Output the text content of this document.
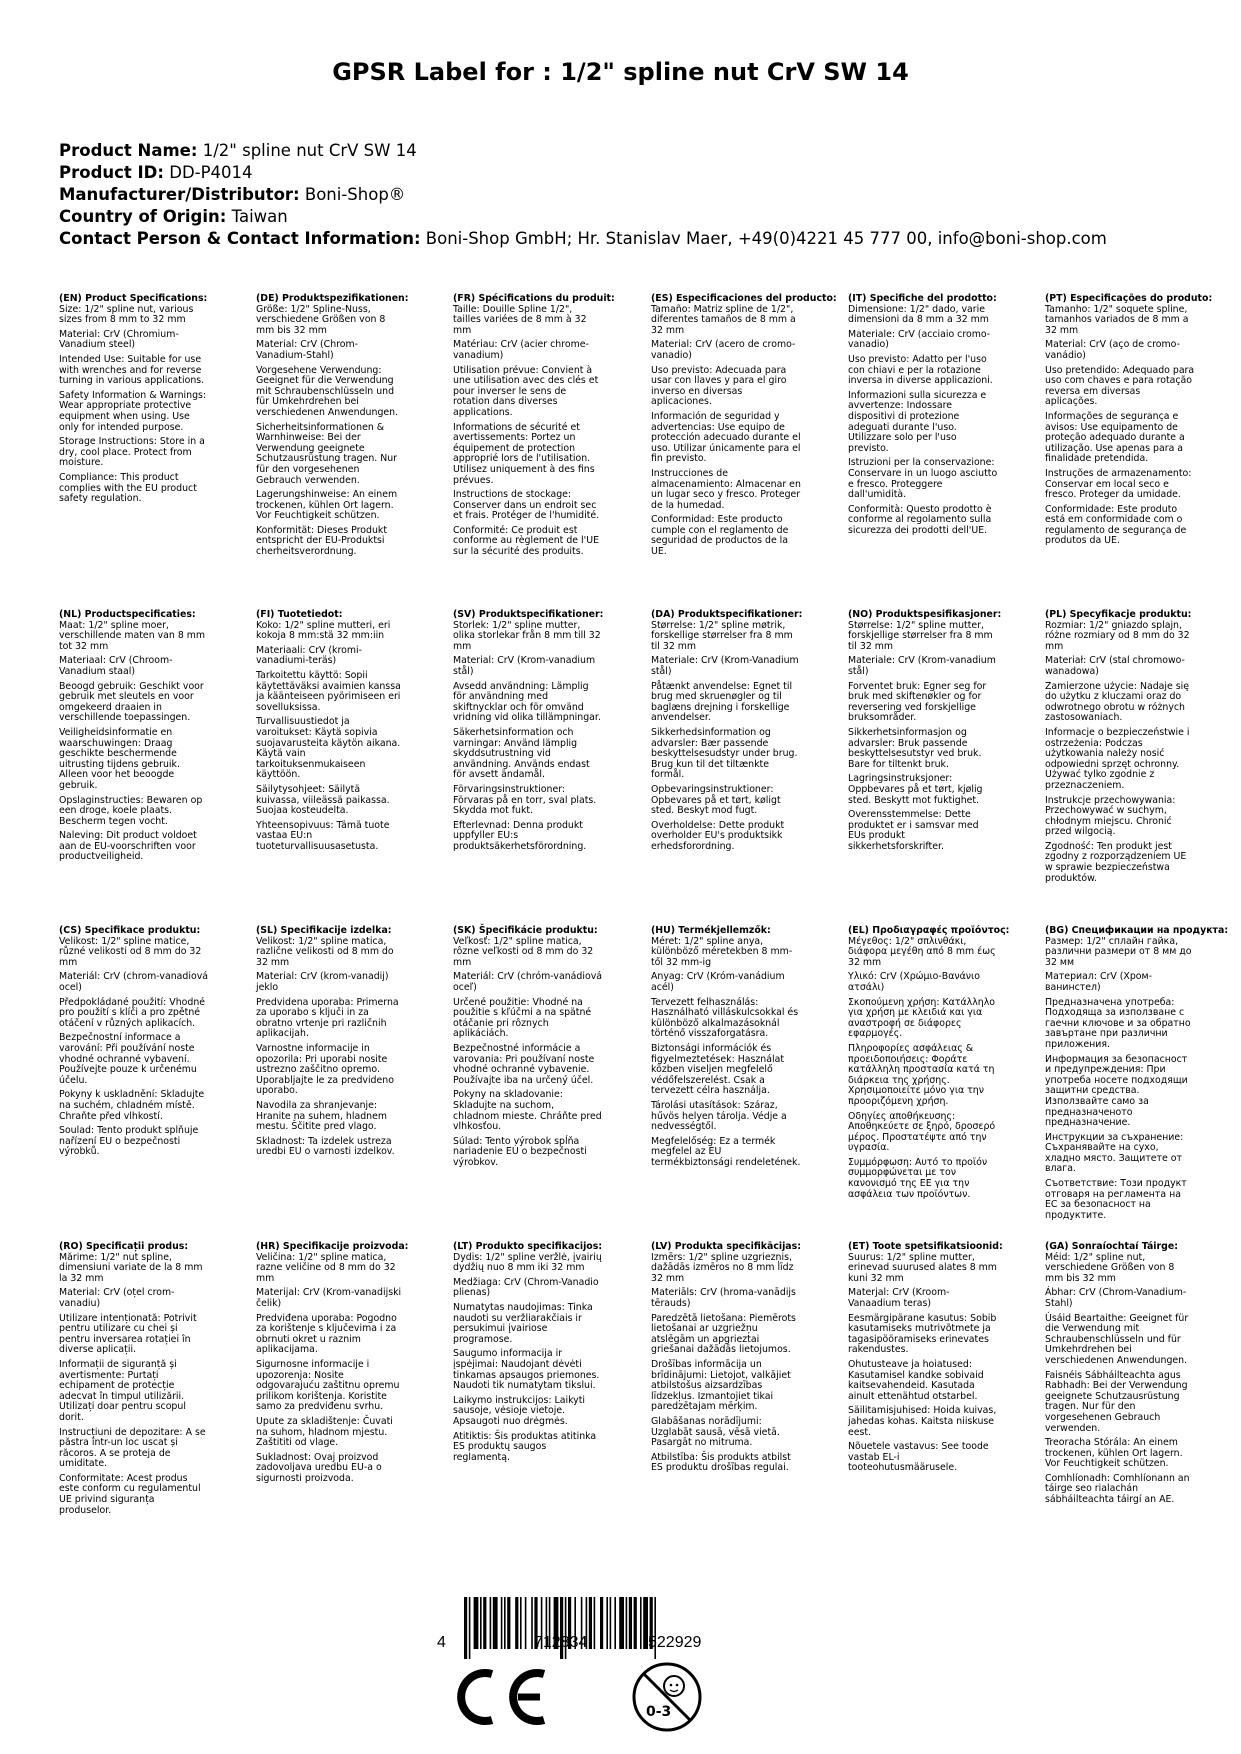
GPSR Label for : 1/2" spline nut CrV SW 14
Product Name: 1/2" spline nut CrV SW 14
Product ID: DD-P4014
Manufacturer/Distributor: Boni-Shop®
Country of Origin: Taiwan
Contact Person & Contact Information: Boni-Shop GmbH; Hr. Stanislav Maer, +49(0)4221 45 777 00, info@boni-shop.com
(EN) Product Specifications:
Size: 1/2" spline nut, various sizes from 8 mm to 32 mm
Material: CrV (Chromium-Vanadium steel)
Intended Use: Suitable for use with wrenches and for reverse turning in various applications.
Safety Information & Warnings: Wear appropriate protective equipment when using. Use only for intended purpose.
Storage Instructions: Store in a dry, cool place. Protect from moisture.
Compliance: This product complies with the EU product safety regulation.
(DE) Produktspezifikationen:
Größe: 1/2" Spline-Nuss, verschiedene Größen von 8 mm bis 32 mm
Material: CrV (Chrom-Vanadium-Stahl)
Vorgesehene Verwendung: Geeignet für die Verwendung mit Schraubenschlüsseln und für Umkehrdrehen bei verschiedenen Anwendungen.
Sicherheitsinformationen & Warnhinweise: Bei der Verwendung geeignete Schutzausrüstung tragen. Nur für den vorgesehenen Gebrauch verwenden.
Lagerungshinweise: An einem trockenen, kühlen Ort lagern. Vor Feuchtigkeit schützen.
Konformität: Dieses Produkt entspricht der EU-Produktsi cherheitsverordnung.
(FR) Spécifications du produit:
Taille: Douille Spline 1/2", tailles variées de 8 mm à 32 mm
Matériau: CrV (acier chrome-vanadium)
Utilisation prévue: Convient à une utilisation avec des clés et pour inverser le sens de rotation dans diverses applications.
Informations de sécurité et avertissements: Portez un équipement de protection approprié lors de l'utilisation. Utilisez uniquement à des fins prévues.
Instructions de stockage: Conserver dans un endroit sec et frais. Protéger de l'humidité.
Conformité: Ce produit est conforme au règlement de l'UE sur la sécurité des produits.
(ES) Especificaciones del producto:
Tamaño: Matriz spline de 1/2", diferentes tamaños de 8 mm a 32 mm
Material: CrV (acero de cromo-vanadio)
Uso previsto: Adecuada para usar con llaves y para el giro inverso en diversas aplicaciones.
Información de seguridad y advertencias: Use equipo de protección adecuado durante el uso. Utilizar únicamente para el fin previsto.
Instrucciones de almacenamiento: Almacenar en un lugar seco y fresco. Proteger de la humedad.
Conformidad: Este producto cumple con el reglamento de seguridad de productos de la UE.
(IT) Specifiche del prodotto:
Dimensione: 1/2" dado, varie dimensioni da 8 mm a 32 mm
Materiale: CrV (acciaio cromo-vanadio)
Uso previsto: Adatto per l'uso con chiavi e per la rotazione inversa in diverse applicazioni.
Informazioni sulla sicurezza e avvertenze: Indossare dispositivi di protezione adeguati durante l'uso. Utilizzare solo per l'uso previsto.
Istruzioni per la conservazione: Conservare in un luogo asciutto e fresco. Proteggere dall'umidità.
Conformità: Questo prodotto è conforme al regolamento sulla sicurezza dei prodotti dell'UE.
(PT) Especificações do produto:
Tamanho: 1/2" soquete spline, tamanhos variados de 8 mm a 32 mm
Material: CrV (aço de cromo-vanádio)
Uso pretendido: Adequado para uso com chaves e para rotação reversa em diversas aplicações.
Informações de segurança e avisos: Use equipamento de proteção adequado durante a utilização. Use apenas para a finalidade pretendida.
Instruções de armazenamento: Conservar em local seco e fresco. Proteger da umidade.
Conformidade: Este produto está em conformidade com o regulamento de segurança de produtos da UE.
(NL) Productspecificaties:
Maat: 1/2" spline moer, verschillende maten van 8 mm tot 32 mm
Materiaal: CrV (Chroom-Vanadium staal)
Beoogd gebruik: Geschikt voor gebruik met sleutels en voor omgekeerd draaien in verschillende toepassingen.
Veiligheidsinformatie en waarschuwingen: Draag geschikte beschermende uitrusting tijdens gebruik. Alleen voor het beoogde gebruik.
Opslaginstructies: Bewaren op een droge, koele plaats. Bescherm tegen vocht.
Naleving: Dit product voldoet aan de EU-voorschriften voor productveiligheid.
(FI) Tuotetiedot:
Koko: 1/2" spline mutteri, eri kokoja 8 mm:stä 32 mm:iin
Materiaali: CrV (kromi-vanadiumi-teräs)
Tarkoitettu käyttö: Sopii käytettäväksi avaimien kanssa ja käänteiseen pyörimiseen eri sovelluksissa.
Turvallisuustiedot ja varoitukset: Käytä sopivia suojavarusteita käytön aikana. Käytä vain tarkoituksenmukaiseen käyttöön.
Säilytysohjeet: Säilytä kuivassa, viileässä paikassa. Suojaa kosteudelta.
Yhteensopivuus: Tämä tuote vastaa EU:n tuoteturvallisuusasetusta.
(SV) Produktspecifikationer:
Storlek: 1/2" spline mutter, olika storlekar från 8 mm till 32 mm
Material: CrV (Krom-vanadium stål)
Avsedd användning: Lämplig för användning med skiftnycklar och för omvänd vridning vid olika tillämpningar.
Säkerhetsinformation och varningar: Använd lämplig skyddsutrustning vid användning. Används endast för avsett ändamål.
Förvaringsinstruktioner: Förvaras på en torr, sval plats. Skydda mot fukt.
Efterlevnad: Denna produkt uppfyller EU:s produktsäkerhetsförordning.
(DA) Produktspecifikationer:
Størrelse: 1/2" spline møtrik, forskellige størrelser fra 8 mm til 32 mm
Materiale: CrV (Krom-Vanadium stål)
Påtænkt anvendelse: Egnet til brug med skruenøgler og til baglæns drejning i forskellige anvendelser.
Sikkerhedsinformation og advarsler: Bær passende beskyttelsesudstyr under brug. Brug kun til det tiltænkte formål.
Opbevaringsinstruktioner: Opbevares på et tørt, køligt sted. Beskyt mod fugt.
Overholdelse: Dette produkt overholder EU's produktsikk erhedsforordning.
(NO) Produktspesifikasjoner:
Størrelse: 1/2" spline mutter, forskjellige størrelser fra 8 mm til 32 mm
Materiale: CrV (Krom-vanadium stål)
Forventet bruk: Egner seg for bruk med skiftenøkler og for reversering ved forskjellige bruksområder.
Sikkerhetsinformasjon og advarsler: Bruk passende beskyttelsesutstyr ved bruk. Bare for tiltenkt bruk.
Lagringsinstruksjoner: Oppbevares på et tørt, kjølig sted. Beskytt mot fuktighet.
Overensstemmelse: Dette produktet er i samsvar med EUs produkt sikkerhetsforskrifter.
(PL) Specyfikacje produktu:
Rozmiar: 1/2" gniazdo splajn, różne rozmiary od 8 mm do 32 mm
Materiał: CrV (stal chromowo-wanadowa)
Zamierzone użycie: Nadaje się do użytku z kluczami oraz do odwrotnego obrotu w różnych zastosowaniach.
Informacje o bezpieczeństwie i ostrzeżenia: Podczas użytkowania należy nosić odpowiedni sprzęt ochronny. Używać tylko zgodnie z przeznaczeniem.
Instrukcje przechowywania: Przechowywać w suchym, chłodnym miejscu. Chronić przed wilgocią.
Zgodność: Ten produkt jest zgodny z rozporządzeniem UE w sprawie bezpieczeństwa produktów.
(CS) Specifikace produktu:
Velikost: 1/2" spline matice, různé velikosti od 8 mm do 32 mm
Materiál: CrV (chrom-vanadiová ocel)
Předpokládané použití: Vhodné pro použití s klíči a pro zpětné otáčení v různých aplikacích.
Bezpečnostní informace a varování: Při používání noste vhodné ochranné vybavení. Používejte pouze k určenému účelu.
Pokyny k uskladnění: Skladujte na suchém, chladném místě. Chraňte před vlhkostí.
Soulad: Tento produkt splňuje nařízení EU o bezpečnosti výrobků.
(SL) Specifikacije izdelka:
Velikost: 1/2" spline matica, različne velikosti od 8 mm do 32 mm
Material: CrV (krom-vanadij) jeklo
Predvidena uporaba: Primerna za uporabo s ključi in za obratno vrtenje pri različnih aplikacijah.
Varnostne informacije in opozorila: Pri uporabi nosite ustrezno zaščitno opremo. Uporabljajte le za predvideno uporabo.
Navodila za shranjevanje: Hranite na suhem, hladnem mestu. Ščitite pred vlago.
Skladnost: Ta izdelek ustreza uredbi EU o varnosti izdelkov.
(SK) Špecifikácie produktu:
Veľkosť: 1/2" spline matica, rôzne veľkosti od 8 mm do 32 mm
Materiál: CrV (chróm-vanádiová oceľ)
Určené použitie: Vhodné na použitie s kľúčmi a na spätné otáčanie pri rôznych aplikáciách.
Bezpečnostné informácie a varovania: Pri používaní noste vhodné ochranné vybavenie. Používajte iba na určený účel.
Pokyny na skladovanie: Skladujte na suchom, chladnom mieste. Chráňte pred vlhkosťou.
Súlad: Tento výrobok spĺňa nariadenie EÚ o bezpečnosti výrobkov.
(HU) Termékjellemzők:
Méret: 1/2" spline anya, különböző méretekben 8 mm-től 32 mm-ig
Anyag: CrV (Króm-vanádium acél)
Tervezett felhasználás: Használható villáskulcsokkal és különböző alkalmazásoknál történő visszaforgatásra.
Biztonsági információk és figyelmeztetések: Használat közben viseljen megfelelő védőfelszerelést. Csak a tervezett célra használja.
Tárolási utasítások: Száraz, hűvös helyen tárolja. Védje a nedvességtől.
Megfelelőség: Ez a termék megfelel az EU termékbiztonsági rendeletének.
(EL) Προδιαγραφές προϊόντος:
Μέγεθος: 1/2" σπλινθάκι, διάφορα μεγέθη από 8 mm έως 32 mm
Υλικό: CrV (Χρώμιο-Βανάνιο ατσάλι)
Σκοπούμενη χρήση: Κατάλληλο για χρήση με κλειδιά και για αναστροφή σε διάφορες εφαρμογές.
Πληροφορίες ασφάλειας & προειδοποιήσεις: Φοράτε κατάλληλη προστασία κατά τη διάρκεια της χρήσης. Χρησιμοποιείτε μόνο για την προοριζόμενη χρήση.
Οδηγίες αποθήκευσης: Αποθηκεύετε σε ξηρό, δροσερό μέρος. Προστατέψτε από την υγρασία.
Συμμόρφωση: Αυτό το προϊόν συμμορφώνεται με τον κανονισμό της ΕΕ για την ασφάλεια των προϊόντων.
(BG) Спецификации на продукта:
Размер: 1/2" сплайн гайка, различни размери от 8 мм до 32 мм
Материал: CrV (Хром-ванинстел)
Предназначена употреба: Подходяща за използване с гаечни ключове и за обратно завъртане при различни приложения.
Информация за безопасност и предупреждения: При употреба носете подходящи защитни средства. Използвайте само за предназначеното предназначение.
Инструкции за съхранение: Съхранявайте на сухо, хладно място. Защитете от влага.
Съответствие: Този продукт отговаря на регламента на ЕС за безопасност на продуктите.
(RO) Specificații produs:
Mărime: 1/2" nut spline, dimensiuni variate de la 8 mm la 32 mm
Material: CrV (oțel crom-vanadiu)
Utilizare intenționată: Potrivit pentru utilizare cu chei și pentru inversarea rotației în diverse aplicații.
Informații de siguranță și avertismente: Purtați echipament de protecție adecvat în timpul utilizării. Utilizați doar pentru scopul dorit.
Instrucțiuni de depozitare: A se păstra într-un loc uscat și răcoros. A se proteja de umiditate.
Conformitate: Acest produs este conform cu regulamentul UE privind siguranța produselor.
(HR) Specifikacije proizvoda:
Veličina: 1/2" spline matica, razne veličine od 8 mm do 32 mm
Materijal: CrV (Krom-vanadijski čelik)
Predviđena uporaba: Pogodno za korištenje s ključevima i za obrnuti okret u raznim aplikacijama.
Sigurnosne informacije i upozorenja: Nosite odgovarajuću zaštitnu opremu prilikom korištenja. Koristite samo za predviđenu svrhu.
Upute za skladištenje: Čuvati na suhom, hladnom mjestu. Zaštititi od vlage.
Sukladnost: Ovaj proizvod zadovoljava uredbu EU-a o sigurnosti proizvoda.
(LT) Produkto specifikacijos:
Dydis: 1/2" spline veržlė, įvairių dydžių nuo 8 mm iki 32 mm
Medžiaga: CrV (Chrom-Vanadio plienas)
Numatytas naudojimas: Tinka naudoti su veržliarakčiais ir persukimui įvairiose programose.
Saugumo informacija ir įspėjimai: Naudojant dėvėti tinkamas apsaugos priemones. Naudoti tik numatytam tikslui.
Laikymo instrukcijos: Laikyti sausoje, vėsioje vietoje. Apsaugoti nuo drėgmės.
Atitiktis: Šis produktas atitinka ES produktų saugos reglamentą.
(LV) Produkta specifikācijas:
Izmērs: 1/2" spline uzgriezņis, dažādās izmēros no 8 mm līdz 32 mm
Materiāls: CrV (hroma-vanādijs tērauds)
Paredzētā lietošana: Piemērots lietošanai ar uzgriežņu atslēgām un apgrieztai griešanai dažādās lietojumos.
Drošības informācija un brīdinājumi: Lietojot, valkājiet atbilstošus aizsardzības līdzekļus. Izmantojiet tikai paredzētajam mērķim.
Glabāšanas norādījumi: Uzglabāt sausā, vēsā vietā. Pasargāt no mitruma.
Atbilstība: Šis produkts atbilst ES produktu drošības regulai.
(ET) Toote spetsifikatsioonid:
Suurus: 1/2" spline mutter, erinevad suurused alates 8 mm kuni 32 mm
Materjal: CrV (Kroom-Vanaadium teras)
Eesmärgipärane kasutus: Sobib kasutamiseks mutrivõtmete ja tagasipööramiseks erinevates rakendustes.
Ohutusteave ja hoiatused: Kasutamisel kandke sobivaid kaitsevahendeid. Kasutada ainult ettenähtud otstarbel.
Säilitamisjuhised: Hoida kuivas, jahedas kohas. Kaitsta niiskuse eest.
Nõuetele vastavus: See toode vastab EL-i tooteohutusmäärusele.
(GA) Sonraíochtaí Táirge:
Méid: 1/2" spline nut, verschiedene Größen von 8 mm bis 32 mm
Ábhar: CrV (Chrom-Vanadium-Stahl)
Úsáid Beartaithe: Geeignet für die Verwendung mit Schraubenschlüsseln und für Umkehrdrehen bei verschiedenen Anwendungen.
Faisnéis Sábháilteachta agus Rabhadh: Bei der Verwendung geeignete Schutzausrüstung tragen. Nur für den vorgesehenen Gebrauch verwenden.
Treoracha Stórála: An einem trockenen, kühlen Ort lagern. Vor Feuchtigkeit schützen.
Comhlíonadh: Comhlíonann an táirge seo rialachán sábháilteachta táirgí an AE.
4	712834	522929
0-3
